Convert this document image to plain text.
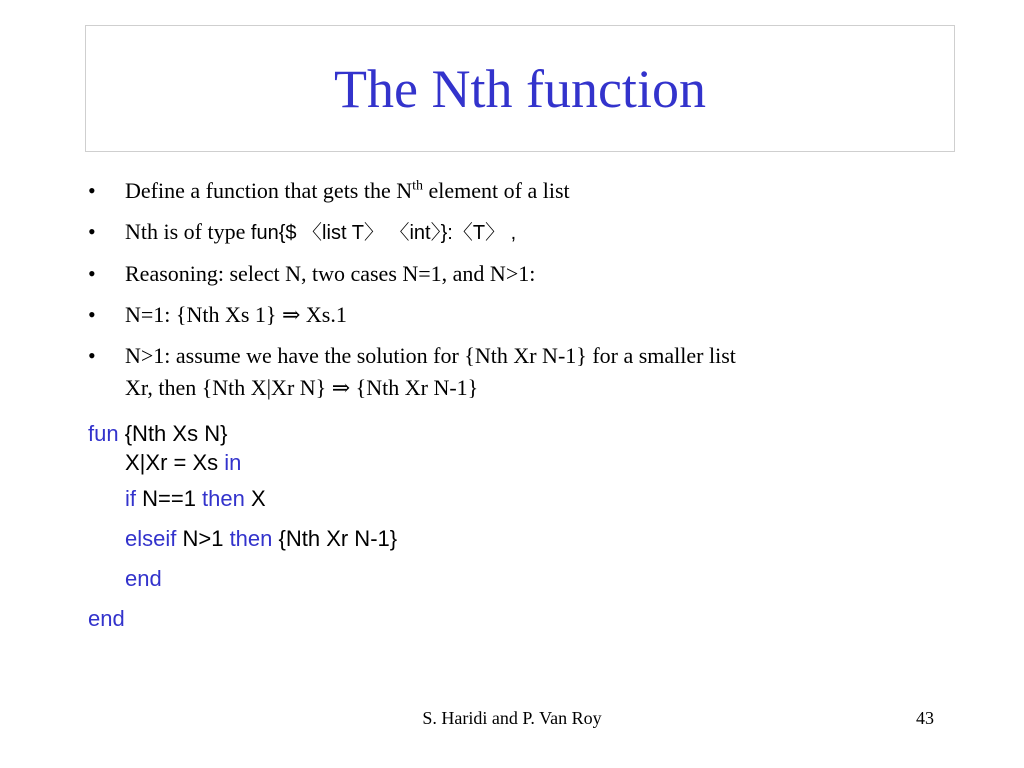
The Nth function
• Define a function that gets the $N^{th}$ element of a list
• Nth is of type fun{$ 〈list T〉 〈int〉}:〈T〉 ,
• Reasoning: select N, two cases N=1, and N>1:
• N=1: {Nth Xs 1} ⇒ Xs.1
• N>1: assume we have the solution for {Nth Xr N-1} for a smaller list
Xr, then {Nth X|Xr N} ⇒ {Nth Xr N-1}
fun {Nth Xs N}
X|Xr = Xs in
if N==1 then X
elseif N>1 then {Nth Xr N-1}
end
end
S. Haridi and P. Van Roy	43
